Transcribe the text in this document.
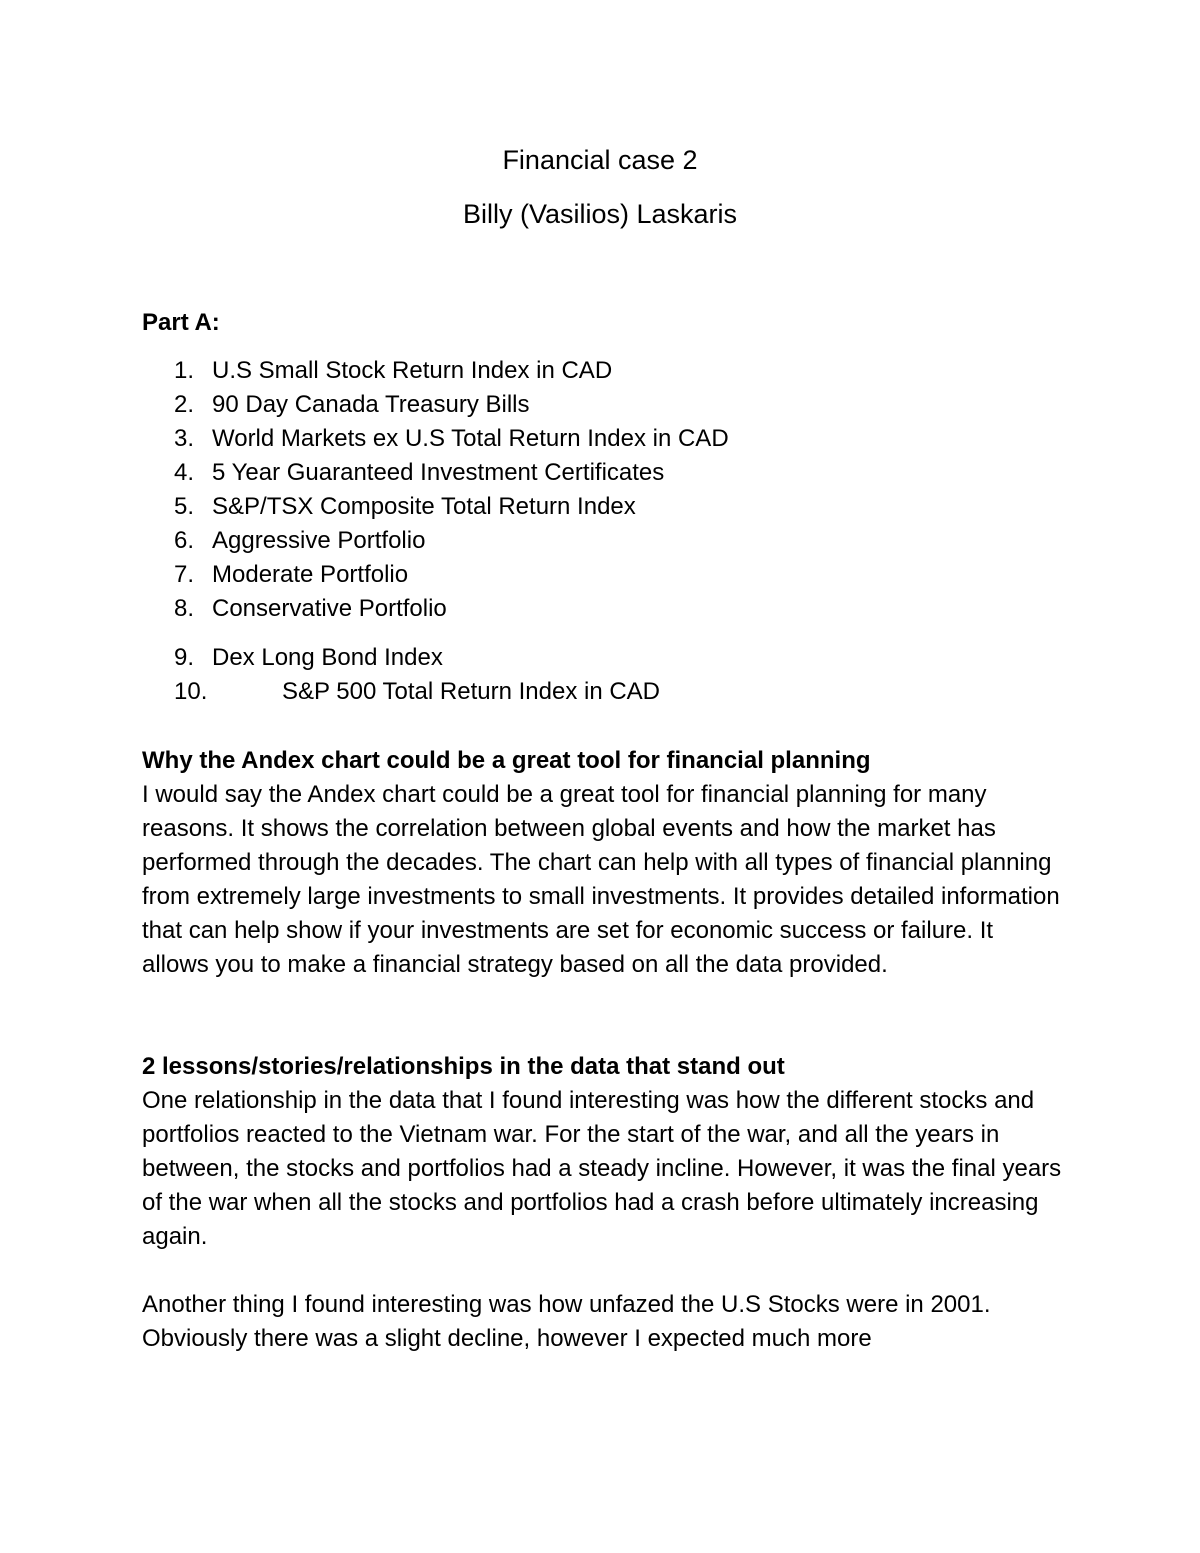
Financial case 2
Billy (Vasilios) Laskaris
Part A:
1. U.S Small Stock Return Index in CAD
2. 90 Day Canada Treasury Bills
3. World Markets ex U.S Total Return Index in CAD
4. 5 Year Guaranteed Investment Certificates
5. S&P/TSX Composite Total Return Index
6. Aggressive Portfolio
7. Moderate Portfolio
8. Conservative Portfolio
9. Dex Long Bond Index
10.	S&P 500 Total Return Index in CAD
Why the Andex chart could be a great tool for financial planning

I would say the Andex chart could be a great tool for financial planning for many reasons. It shows the correlation between global events and how the market has performed through the decades. The chart can help with all types of financial planning from extremely large investments to small investments. It provides detailed information that can help show if your investments are set for economic success or failure. It allows you to make a financial strategy based on all the data provided.

2 lessons/stories/relationships in the data that stand out

One relationship in the data that I found interesting was how the different stocks and portfolios reacted to the Vietnam war. For the start of the war, and all the years in between, the stocks and portfolios had a steady incline. However, it was the final years of the war when all the stocks and portfolios had a crash before ultimately increasing again.

Another thing I found interesting was how unfazed the U.S Stocks were in 2001. Obviously there was a slight decline, however I expected much more
